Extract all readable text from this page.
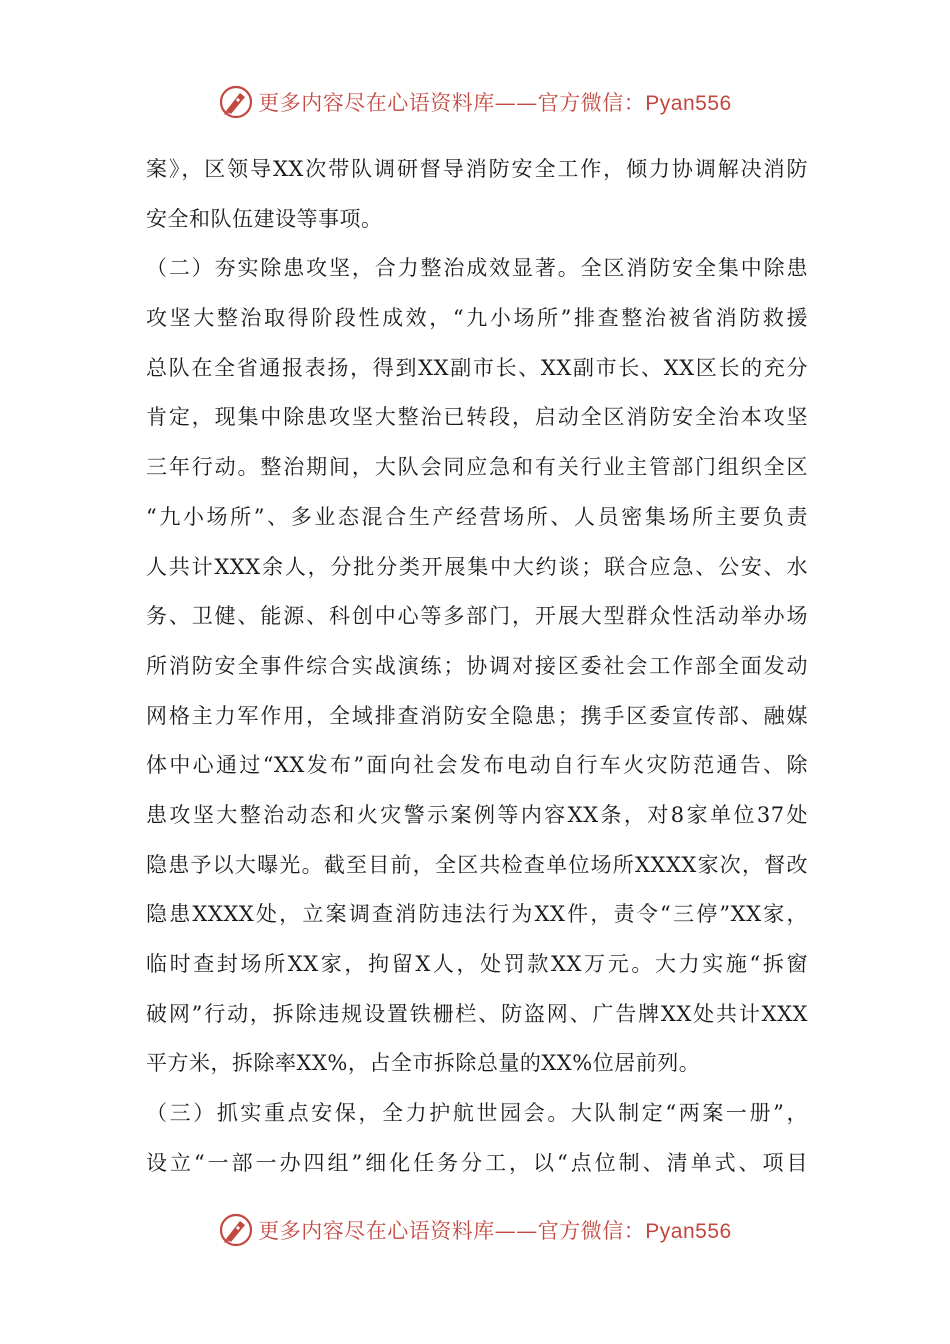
更多内容尽在心语资料库——官方微信：Pyan556
案》，区领导XX次带队调研督导消防安全工作，倾力协调解决消防
安全和队伍建设等事项。
（二）夯实除患攻坚，合力整治成效显著。全区消防安全集中除患
攻坚大整治取得阶段性成效，“九小场所”排查整治被省消防救援
总队在全省通报表扬，得到XX副市长、XX副市长、XX区长的充分
肯定，现集中除患攻坚大整治已转段，启动全区消防安全治本攻坚
三年行动。整治期间，大队会同应急和有关行业主管部门组织全区
“九小场所”、多业态混合生产经营场所、人员密集场所主要负责
人共计XXX余人，分批分类开展集中大约谈；联合应急、公安、水
务、卫健、能源、科创中心等多部门，开展大型群众性活动举办场
所消防安全事件综合实战演练；协调对接区委社会工作部全面发动
网格主力军作用，全域排查消防安全隐患；携手区委宣传部、融媒
体中心通过“XX发布”面向社会发布电动自行车火灾防范通告、除
患攻坚大整治动态和火灾警示案例等内容XX条，对8家单位37处
隐患予以大曝光。截至目前，全区共检查单位场所XXXX家次，督改
隐患XXXX处，立案调查消防违法行为XX件，责令“三停”XX家，
临时查封场所XX家，拘留X人，处罚款XX万元。大力实施“拆窗
破网”行动，拆除违规设置铁栅栏、防盗网、广告牌XX处共计XXX
平方米，拆除率XX%，占全市拆除总量的XX%位居前列。
（三）抓实重点安保，全力护航世园会。大队制定“两案一册”，
设立“一部一办四组”细化任务分工，以“点位制、清单式、项目
更多内容尽在心语资料库——官方微信：Pyan556
